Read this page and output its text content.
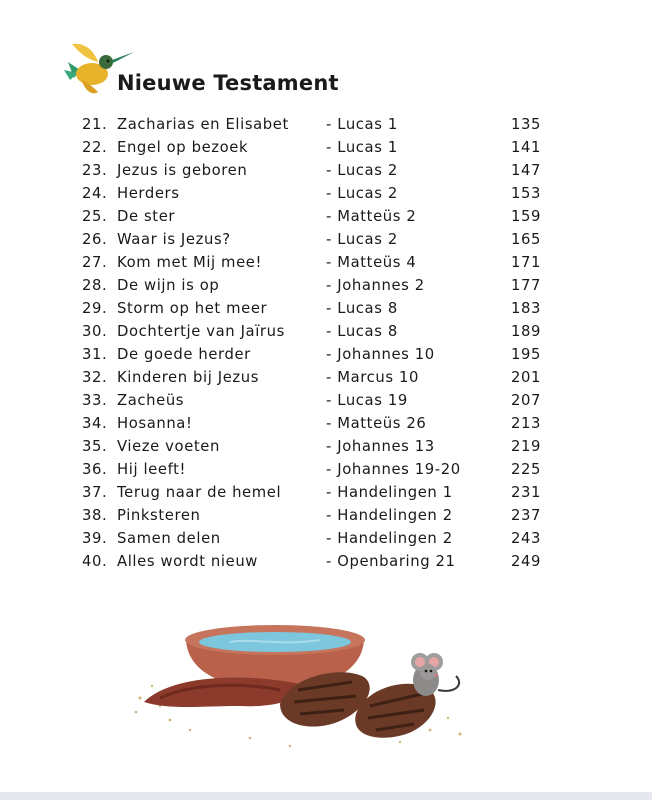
Nieuwe Testament
21. Zacharias en Elisabet	- Lucas 1	135
22. Engel op bezoek	- Lucas 1	141
23. Jezus is geboren	- Lucas 2	147
24. Herders	- Lucas 2	153
25. De ster	- Matteüs 2	159
26. Waar is Jezus?	- Lucas 2	165
27. Kom met Mij mee!	- Matteüs 4	171
28. De wijn is op	- Johannes 2	177
29. Storm op het meer	- Lucas 8	183
30. Dochtertje van Jaïrus	- Lucas 8	189
31. De goede herder	- Johannes 10	195
32. Kinderen bij Jezus	- Marcus 10	201
33. Zacheüs	- Lucas 19	207
34. Hosanna!	- Matteüs 26	213
35. Vieze voeten	- Johannes 13	219
36. Hij leeft!	- Johannes 19-20	225
37. Terug naar de hemel	- Handelingen 1	231
38. Pinksteren	- Handelingen 2	237
39. Samen delen	- Handelingen 2	243
40. Alles wordt nieuw	- Openbaring 21	249
